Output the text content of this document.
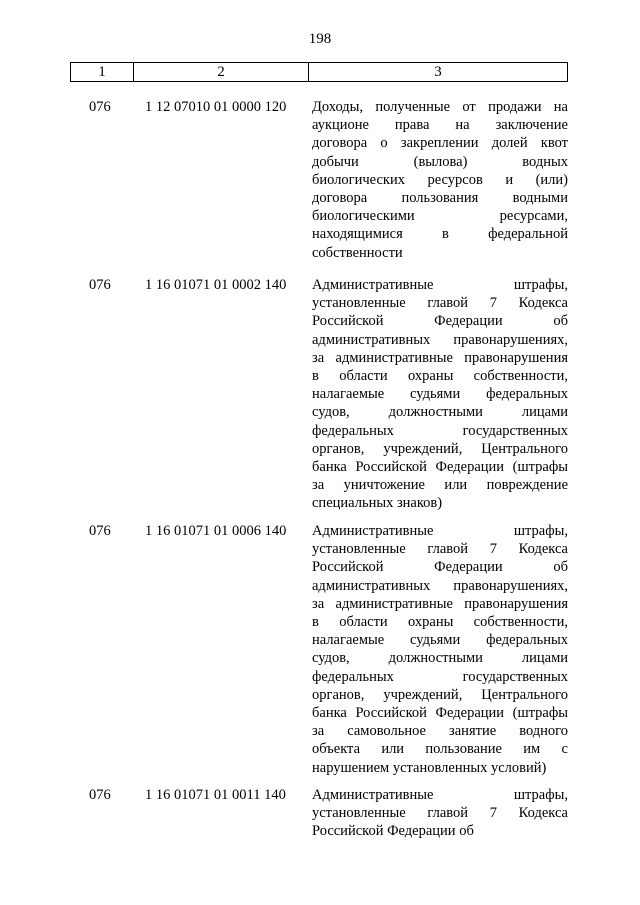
198
1	2	3
076 1 12 07010 01 0000 120 Доходы, полученные от продажи на
аукционе права на заключение
договора о закреплении долей квот
добычи (вылова) водных
биологических ресурсов и (или)
договора пользования водными
биологическими ресурсами,
находящимися в федеральной
собственности
076 1 16 01071 01 0002 140 Административные штрафы,
установленные главой 7 Кодекса
Российской Федерации об
административных правонарушениях,
за административные правонарушения
в области охраны собственности,
налагаемые судьями федеральных
судов, должностными лицами
федеральных государственных
органов, учреждений, Центрального
банка Российской Федерации (штрафы
за уничтожение или повреждение
специальных знаков)
076 1 16 01071 01 0006 140 Административные штрафы,
установленные главой 7 Кодекса
Российской Федерации об
административных правонарушениях,
за административные правонарушения
в области охраны собственности,
налагаемые судьями федеральных
судов, должностными лицами
федеральных государственных
органов, учреждений, Центрального
банка Российской Федерации (штрафы
за самовольное занятие водного
объекта или пользование им с
нарушением установленных условий)
076 1 16 01071 01 0011 140 Административные штрафы,
установленные главой 7 Кодекса
Российской Федерации об
